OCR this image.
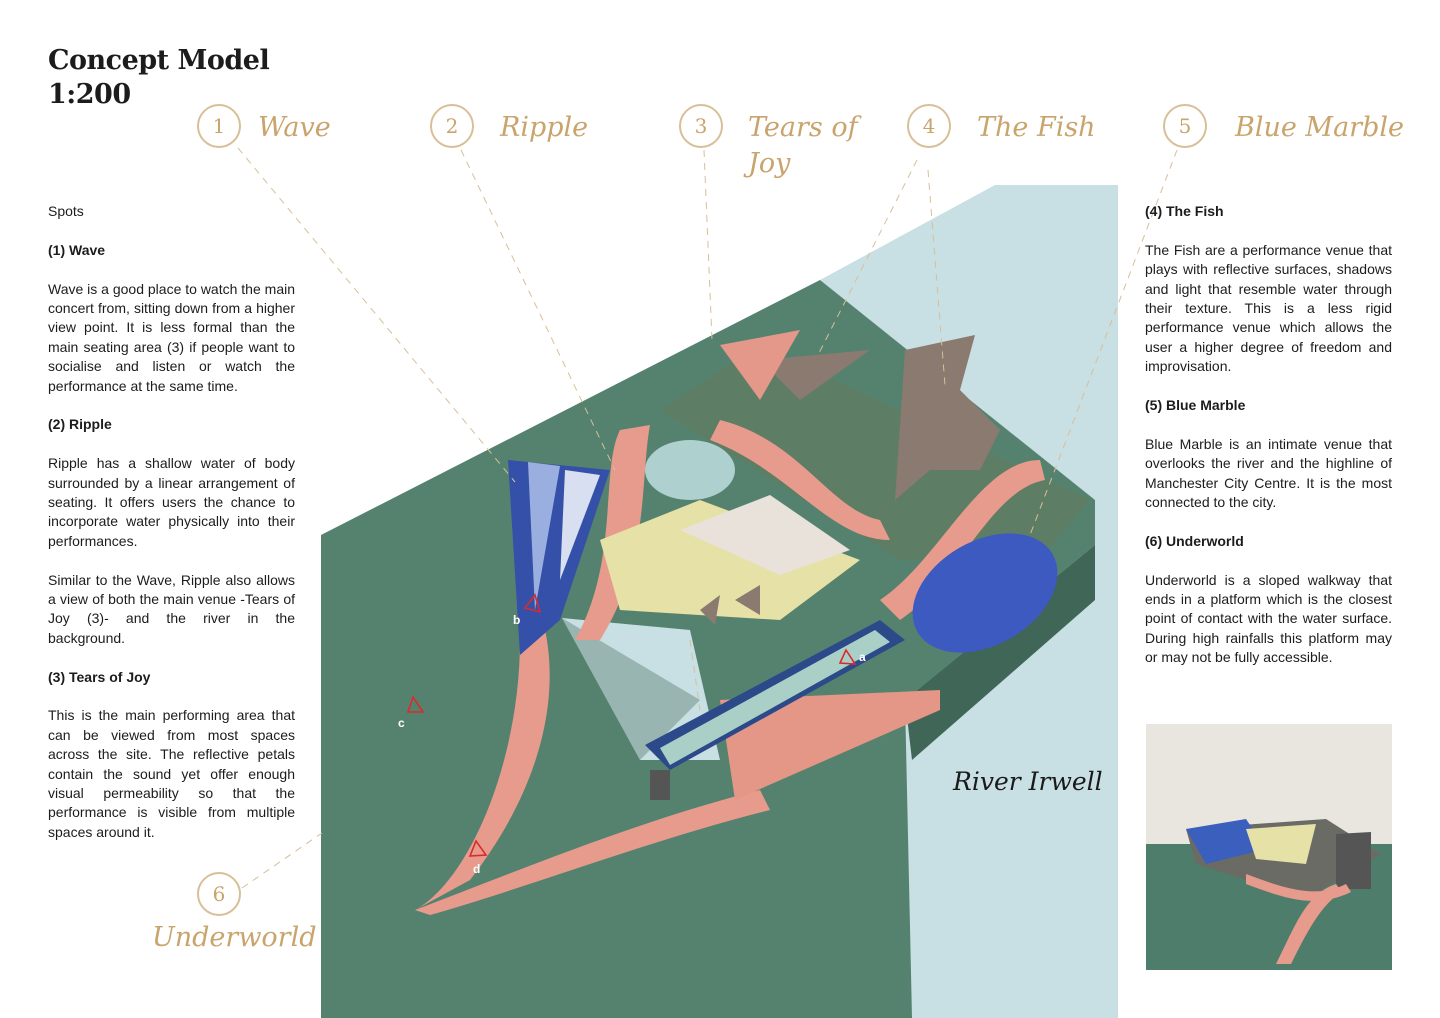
Concept Model
1:200
1	Wave	2	Ripple	3	Tears of Joy
4	The Fish	5	Blue Marble
6
Underworld
a
b
c
d
River Irwell

Spots

(1) Wave

Wave is a good place to watch the main concert from, sitting down from a higher view point. It is less formal than the main seating area (3) if people want to socialise and listen or watch the performance at the same time.

(2) Ripple

Ripple has a shallow water of body surrounded by a linear arrangement of seating. It offers users the chance to incorporate water physically into their performances.

Similar to the Wave, Ripple also allows a view of both the main venue -Tears of Joy (3)- and the river in the background.

(3) Tears of Joy

This is the main performing area that can be viewed from most spaces across the site. The reflective petals contain the sound yet offer enough visual permeability so that the performance is visible from multiple spaces around it.

(4) The Fish

The Fish are a performance venue that plays with reflective surfaces, shadows and light that resemble water through their texture. This is a less rigid performance venue which allows the user a higher degree of freedom and improvisation.

(5) Blue Marble

Blue Marble is an intimate venue that overlooks the river and the highline of Manchester City Centre. It is the most connected to the city.

(6) Underworld

Underworld is a sloped walkway that ends in a platform which is the closest point of contact with the water surface. During high rainfalls this platform may or may not be fully accessible.
